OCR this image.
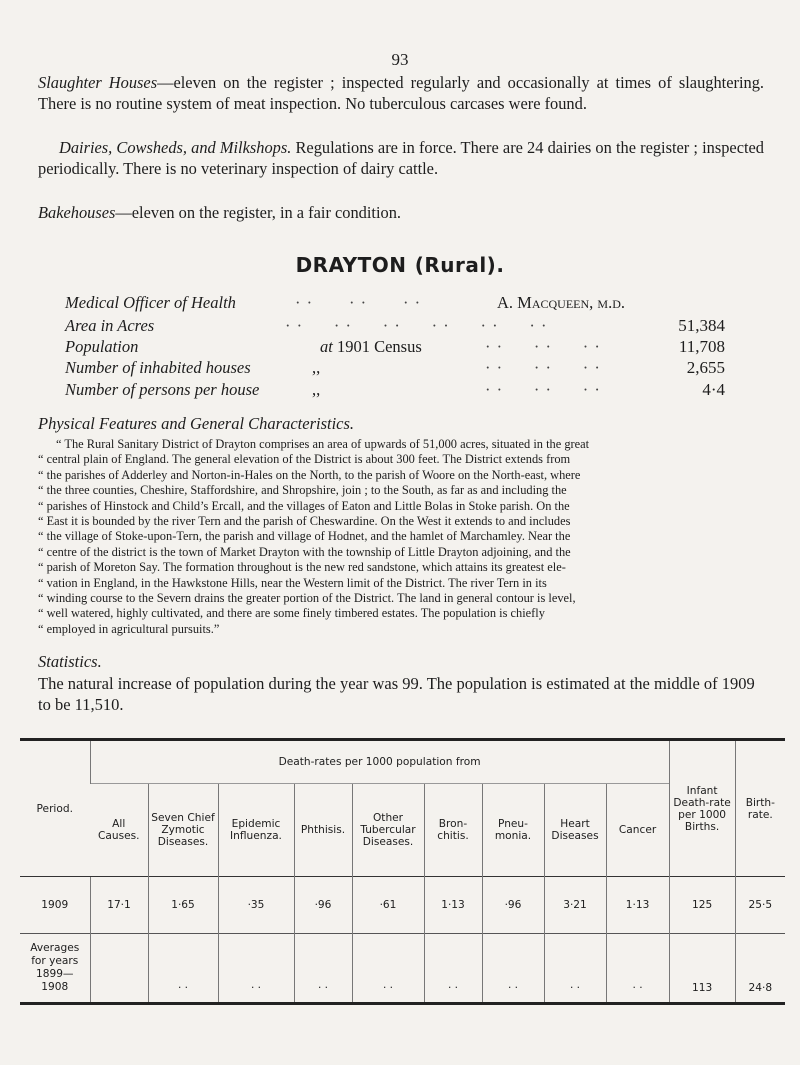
93

Slaughter Houses—eleven on the register ; inspected regularly and occasionally at times of slaughtering. There is no routine system of meat inspection. No tuberculous carcases were found.

Dairies, Cowsheds, and Milkshops. Regulations are in force. There are 24 dairies on the register ; inspected periodically. There is no veterinary inspection of dairy cattle.

Bakehouses—eleven on the register, in a fair condition.

DRAYTON (Rural).
Medical Officer of Health	· ·       · ·       · ·	A. Macqueen, m.d.
Area in Acres	· ·      · ·      · ·      · ·      · ·      · ·	51,384
Population	at 1901 Census	· ·      · ·      · ·	11,708
Number of inhabited houses	,,	· ·      · ·      · ·	2,655
Number of persons per house	,,	· ·      · ·      · ·	4·4
Physical Features and General Characteristics.
“ The Rural Sanitary District of Drayton comprises an area of upwards of 51,000 acres, situated in the great
“ central plain of England. The general elevation of the District is about 300 feet. The District extends from
“ the parishes of Adderley and Norton-in-Hales on the North, to the parish of Woore on the North-east, where
“ the three counties, Cheshire, Staffordshire, and Shropshire, join ; to the South, as far as and including the
“ parishes of Hinstock and Child’s Ercall, and the villages of Eaton and Little Bolas in Stoke parish. On the
“ East it is bounded by the river Tern and the parish of Cheswardine. On the West it extends to and includes
“ the village of Stoke-upon-Tern, the parish and village of Hodnet, and the hamlet of Marchamley. Near the
“ centre of the district is the town of Market Drayton with the township of Little Drayton adjoining, and the
“ parish of Moreton Say. The formation throughout is the new red sandstone, which attains its greatest ele-
“ vation in England, in the Hawkstone Hills, near the Western limit of the District. The river Tern in its
“ winding course to the Severn drains the greater portion of the District. The land in general contour is level,
“ well watered, highly cultivated, and there are some finely timbered estates. The population is chiefly
“ employed in agricultural pursuits.”
Statistics.
The natural increase of population during the year was 99. The population is estimated at the middle of 1909 to be 11,510.
Period.	Death-rates per 1000 population from									Infant Death-rate per 1000 Births.	Birth-rate.
	All Causes.	Seven Chief Zymotic Diseases.	Epidemic Influenza.	Phthisis.	Other Tubercular Diseases.	Bron-chitis.	Pneu-monia.	Heart Diseases	Cancer		
1909	17·1	1·65	·35	·96	·61	1·13	·96	3·21	1·13	125	25·5

Averages
for years
1899—
1908		· ·	· ·	· ·	· ·	· ·	· ·	· ·	· ·	113	24·8
